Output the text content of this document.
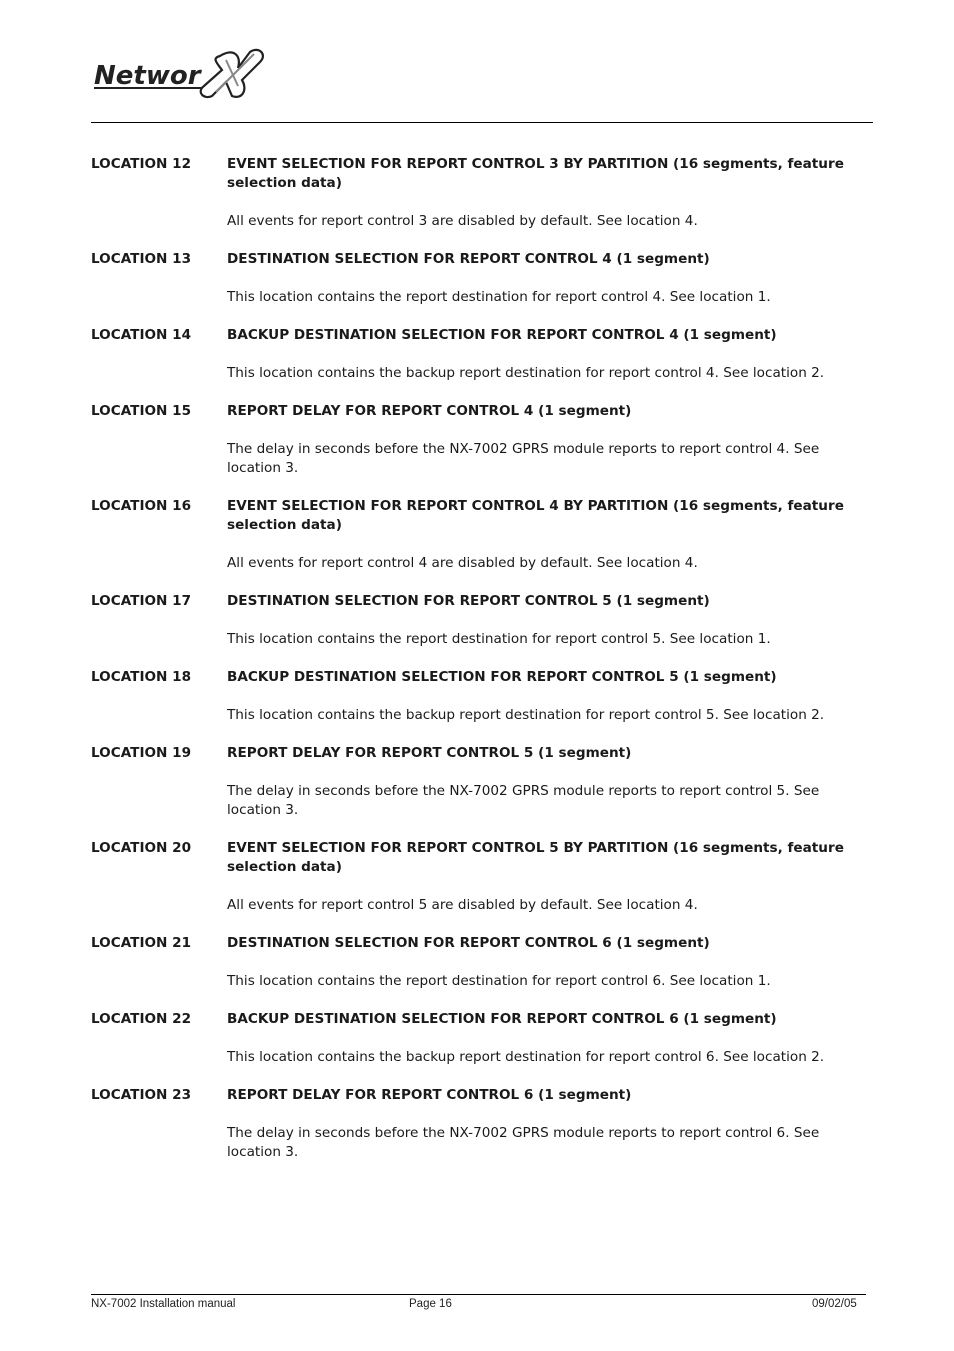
Networ
LOCATION 12	EVENT SELECTION FOR REPORT CONTROL 3 BY PARTITION (16 segments, feature selection data)
All events for report control 3 are disabled by default. See location 4.
LOCATION 13	DESTINATION SELECTION FOR REPORT CONTROL 4 (1 segment)
This location contains the report destination for report control 4. See location 1.
LOCATION 14	BACKUP DESTINATION SELECTION FOR REPORT CONTROL 4 (1 segment)
This location contains the backup report destination for report control 4. See location 2.
LOCATION 15	REPORT DELAY FOR REPORT CONTROL 4 (1 segment)
The delay in seconds before the NX-7002 GPRS module reports to report control 4. See location 3.
LOCATION 16	EVENT SELECTION FOR REPORT CONTROL 4 BY PARTITION (16 segments, feature selection data)
All events for report control 4 are disabled by default. See location 4.
LOCATION 17	DESTINATION SELECTION FOR REPORT CONTROL 5 (1 segment)
This location contains the report destination for report control 5. See location 1.
LOCATION 18	BACKUP DESTINATION SELECTION FOR REPORT CONTROL 5 (1 segment)
This location contains the backup report destination for report control 5. See location 2.
LOCATION 19	REPORT DELAY FOR REPORT CONTROL 5 (1 segment)
The delay in seconds before the NX-7002 GPRS module reports to report control 5. See location 3.
LOCATION 20	EVENT SELECTION FOR REPORT CONTROL 5 BY PARTITION (16 segments, feature selection data)
All events for report control 5 are disabled by default. See location 4.
LOCATION 21	DESTINATION SELECTION FOR REPORT CONTROL 6 (1 segment)
This location contains the report destination for report control 6. See location 1.
LOCATION 22	BACKUP DESTINATION SELECTION FOR REPORT CONTROL 6 (1 segment)
This location contains the backup report destination for report control 6. See location 2.
LOCATION 23	REPORT DELAY FOR REPORT CONTROL 6 (1 segment)
The delay in seconds before the NX-7002 GPRS module reports to report control 6. See location 3.
NX-7002 Installation manual	Page 16	09/02/05
